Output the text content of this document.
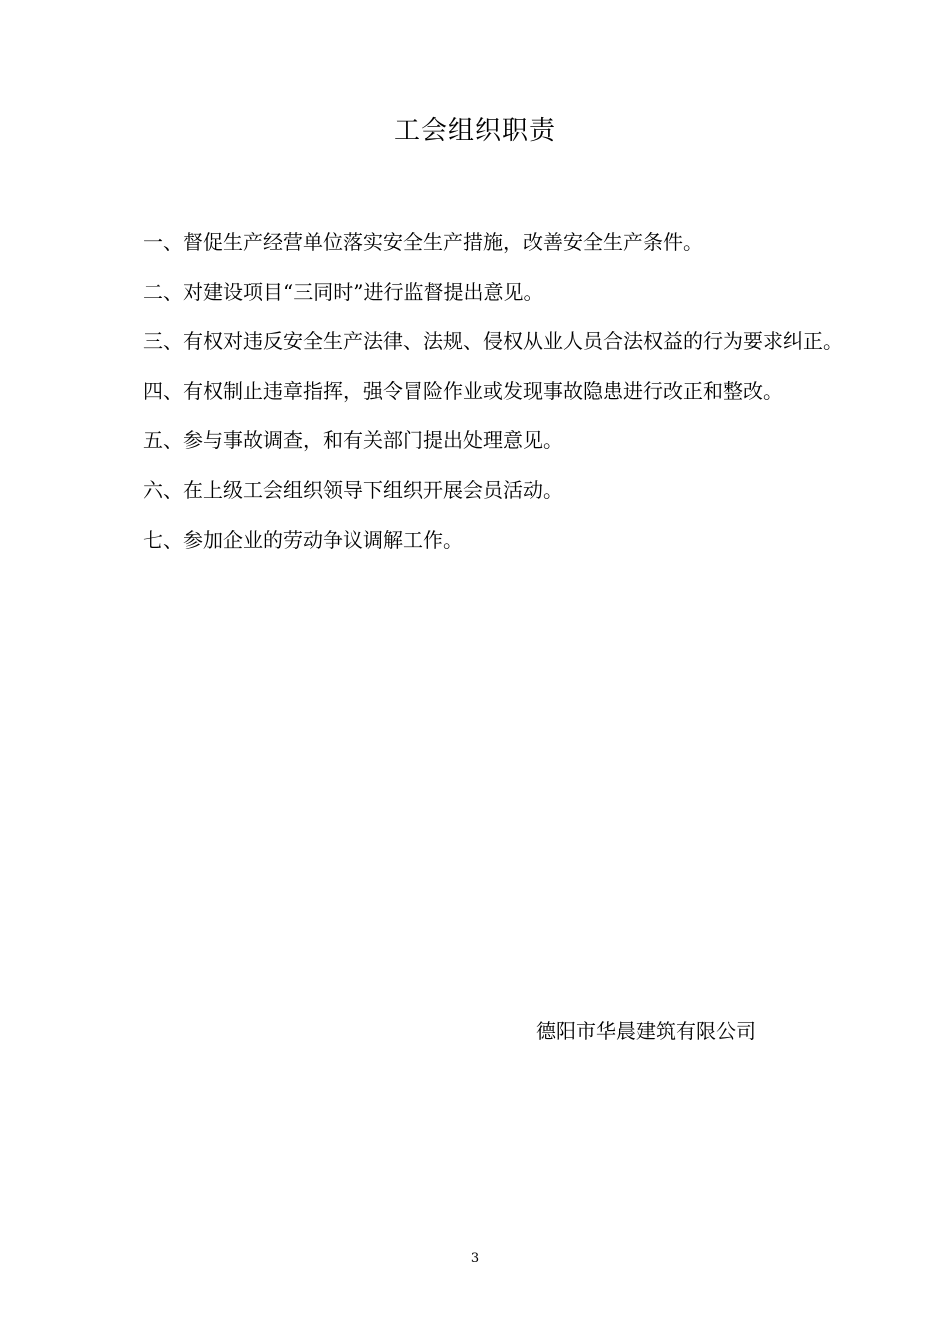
工会组织职责
一、 督促生产经营单位落实安全生产措施，改善安全生产条件。
二、 对建设项目“三同时”进行监督提出意见。
三、 有权对违反安全生产法律、法规、侵权从业人员合法权益的行为要求纠正。
四、 有权制止违章指挥，强令冒险作业或发现事故隐患进行改正和整改。
五、 参与事故调查，和有关部门提出处理意见。
六、 在上级工会组织领导下组织开展会员活动。
七、 参加企业的劳动争议调解工作。
德阳市华晨建筑有限公司
3
